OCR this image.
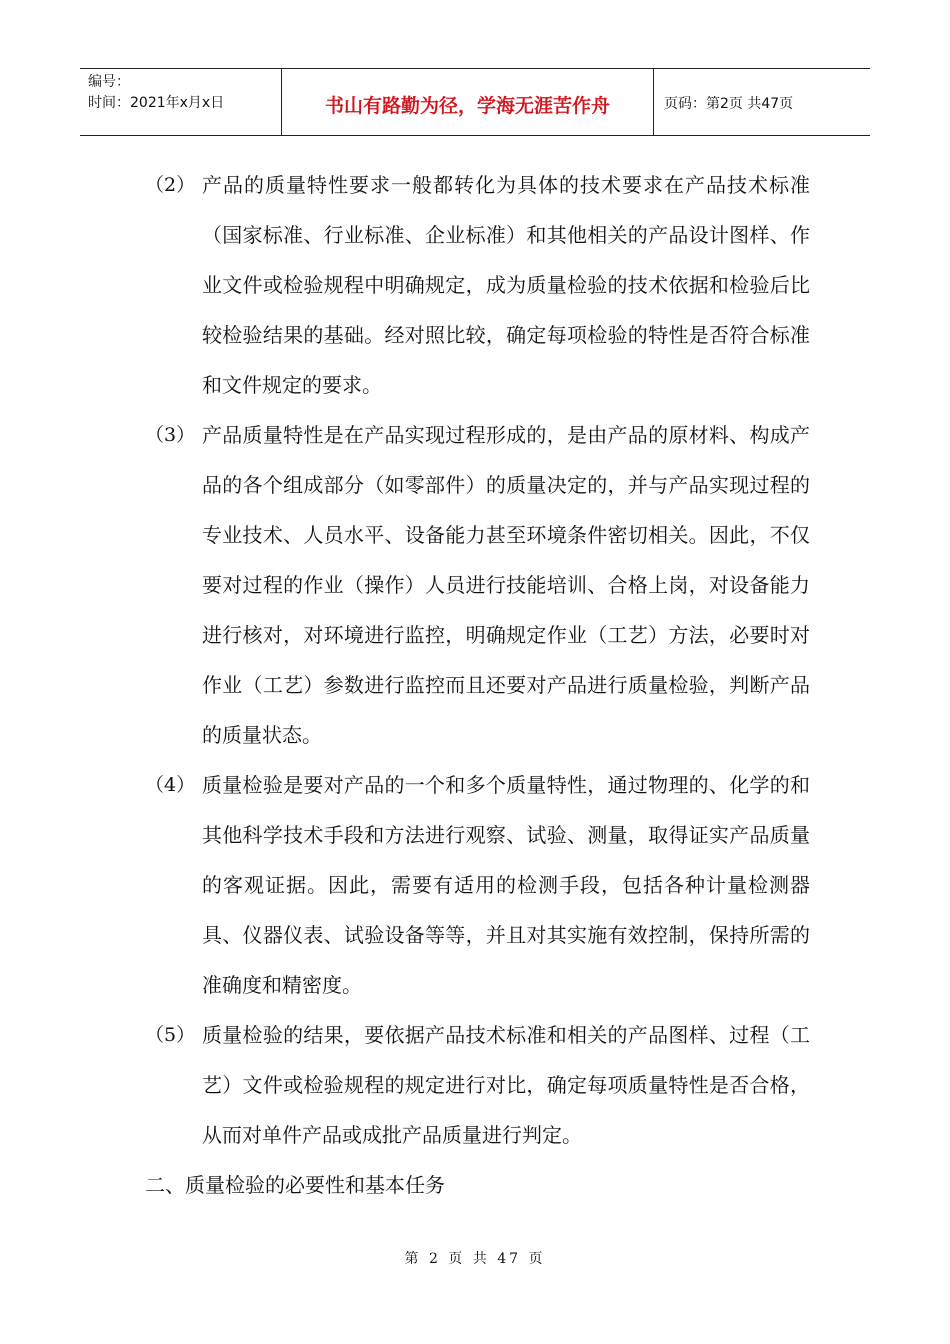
编号：
时间：2021年x月x日	书山有路勤为径，学海无涯苦作舟	页码：第2页 共47页
（2） 产品的质量特性要求一般都转化为具体的技术要求在产品技术标准（国家标准、行业标准、企业标准）和其他相关的产品设计图样、作业文件或检验规程中明确规定，成为质量检验的技术依据和检验后比较检验结果的基础。经对照比较，确定每项检验的特性是否符合标准和文件规定的要求。
（3） 产品质量特性是在产品实现过程形成的，是由产品的原材料、构成产品的各个组成部分（如零部件）的质量决定的，并与产品实现过程的专业技术、人员水平、设备能力甚至环境条件密切相关。因此，不仅要对过程的作业（操作）人员进行技能培训、合格上岗，对设备能力进行核对，对环境进行监控，明确规定作业（工艺）方法，必要时对作业（工艺）参数进行监控而且还要对产品进行质量检验，判断产品的质量状态。
（4） 质量检验是要对产品的一个和多个质量特性，通过物理的、化学的和其他科学技术手段和方法进行观察、试验、测量，取得证实产品质量的客观证据。因此，需要有适用的检测手段，包括各种计量检测器具、仪器仪表、试验设备等等，并且对其实施有效控制，保持所需的准确度和精密度。
（5） 质量检验的结果，要依据产品技术标准和相关的产品图样、过程（工艺）文件或检验规程的规定进行对比，确定每项质量特性是否合格，从而对单件产品或成批产品质量进行判定。
二、质量检验的必要性和基本任务
第 2 页 共 47 页
